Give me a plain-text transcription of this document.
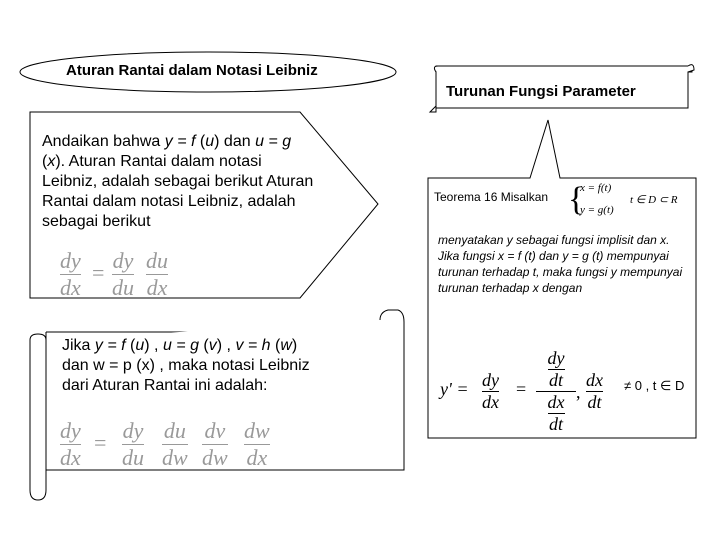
Aturan Rantai dalam Notasi Leibniz
Turunan Fungsi Parameter
Andaikan bahwa y = f (u) dan u = g (x). Aturan Rantai dalam notasi Leibniz, adalah sebagai berikut Aturan Rantai dalam notasi Leibniz, adalah sebagai berikut
dy
dx
= dy
du
du
dx
Jika y = f (u) , u = g (v) , v = h (w)
dan w = p (x) , maka notasi Leibniz
dari Aturan Rantai ini adalah:
dy
dx
= dy
du
du
dw
dv
dw
dw
dx
Teorema 16 Misalkan {
x = f(t)
y = g(t)
t ∈ D ⊂ R
menyatakan y sebagai fungsi implisit dan x. Jika fungsi x = f (t) dan y = g (t) mempunyai turunan terhadap t, maka fungsi y mempunyai turunan terhadap x dengan
y' = dy
dx
= $\frac{dy}{dt}$
$\frac{dx}{dt}$ ,
dx
dt
≠ 0 , t ∈ D
